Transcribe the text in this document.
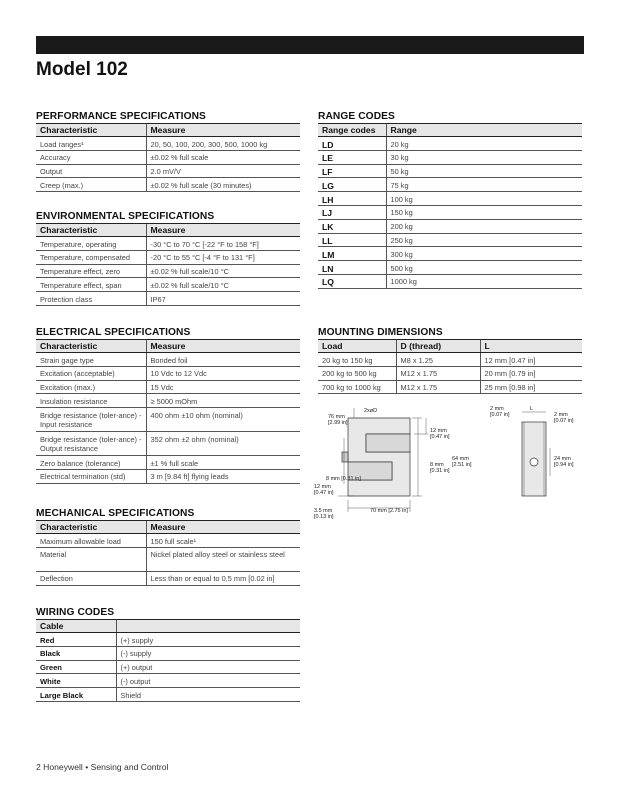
Model 102
PERFORMANCE SPECIFICATIONS
Characteristic	Measure
Load ranges¹	20, 50, 100, 200, 300, 500, 1000 kg
Accuracy	±0.02 % full scale
Output	2.0 mV/V
Creep (max.)	±0.02 % full scale (30 minutes)
ENVIRONMENTAL SPECIFICATIONS
Characteristic	Measure
Temperature, operating	-30 °C to 70 °C [-22 °F to 158 °F]
Temperature, compensated	-20 °C to 55 °C [-4 °F to 131 °F]
Temperature effect, zero	±0.02 % full scale/10 °C
Temperature effect, span	±0.02 % full scale/10 °C
Protection class	IP67
ELECTRICAL SPECIFICATIONS
Characteristic	Measure
Strain gage type	Bonded foil
Excitation (acceptable)	10 Vdc to 12 Vdc
Excitation (max.)	15 Vdc
Insulation resistance	≥ 5000 mOhm
Bridge resistance (toler-ance) - Input resistance	400 ohm ±10 ohm (nominal)
Bridge resistance (toler-ance) - Output resistance	352 ohm ±2 ohm (nominal)
Zero balance (tolerance)	±1 % full scale
Electrical termination (std)	3 m [9.84 ft] flying leads
MECHANICAL SPECIFICATIONS
Characteristic	Measure
Maximum allowable load	150 full scale¹
Material	Nickel plated alloy steel or stainless steel
Deflection	Less than or equal to 0,5 mm [0.02 in]
WIRING CODES
Cable	
Red	(+) supply
Black	(-) supply
Green	(+) output
White	(-) output
Large Black	Shield
RANGE CODES
Range codes	Range
LD	20 kg
LE	30 kg
LF	50 kg
LG	75 kg
LH	100 kg
LJ	150 kg
LK	200 kg
LL	250 kg
LM	300 kg
LN	500 kg
LQ	1000 kg
MOUNTING DIMENSIONS
Load	D (thread)	L
20 kg to 150 kg	M8 x 1.25	12 mm [0.47 in]
200 kg to 500 kg	M12 x 1.75	20 mm [0.79 in]
700 kg to 1000 kg	M12 x 1.75	25 mm [0.98 in]
76 mm
[2.99 in]
2xøD
12 mm
[0.47 in]
8 mm
[0.31 in]
64 mm
[2.51 in]
8 mm [0.31 in]
12 mm
[0.47 in]
3.5 mm
[0.13 in]
70 mm [2.75 in]
2 mm
[0.07 in]
L
2 mm
[0.07 in]
24 mm
[0.94 in]
2 Honeywell • Sensing and Control
